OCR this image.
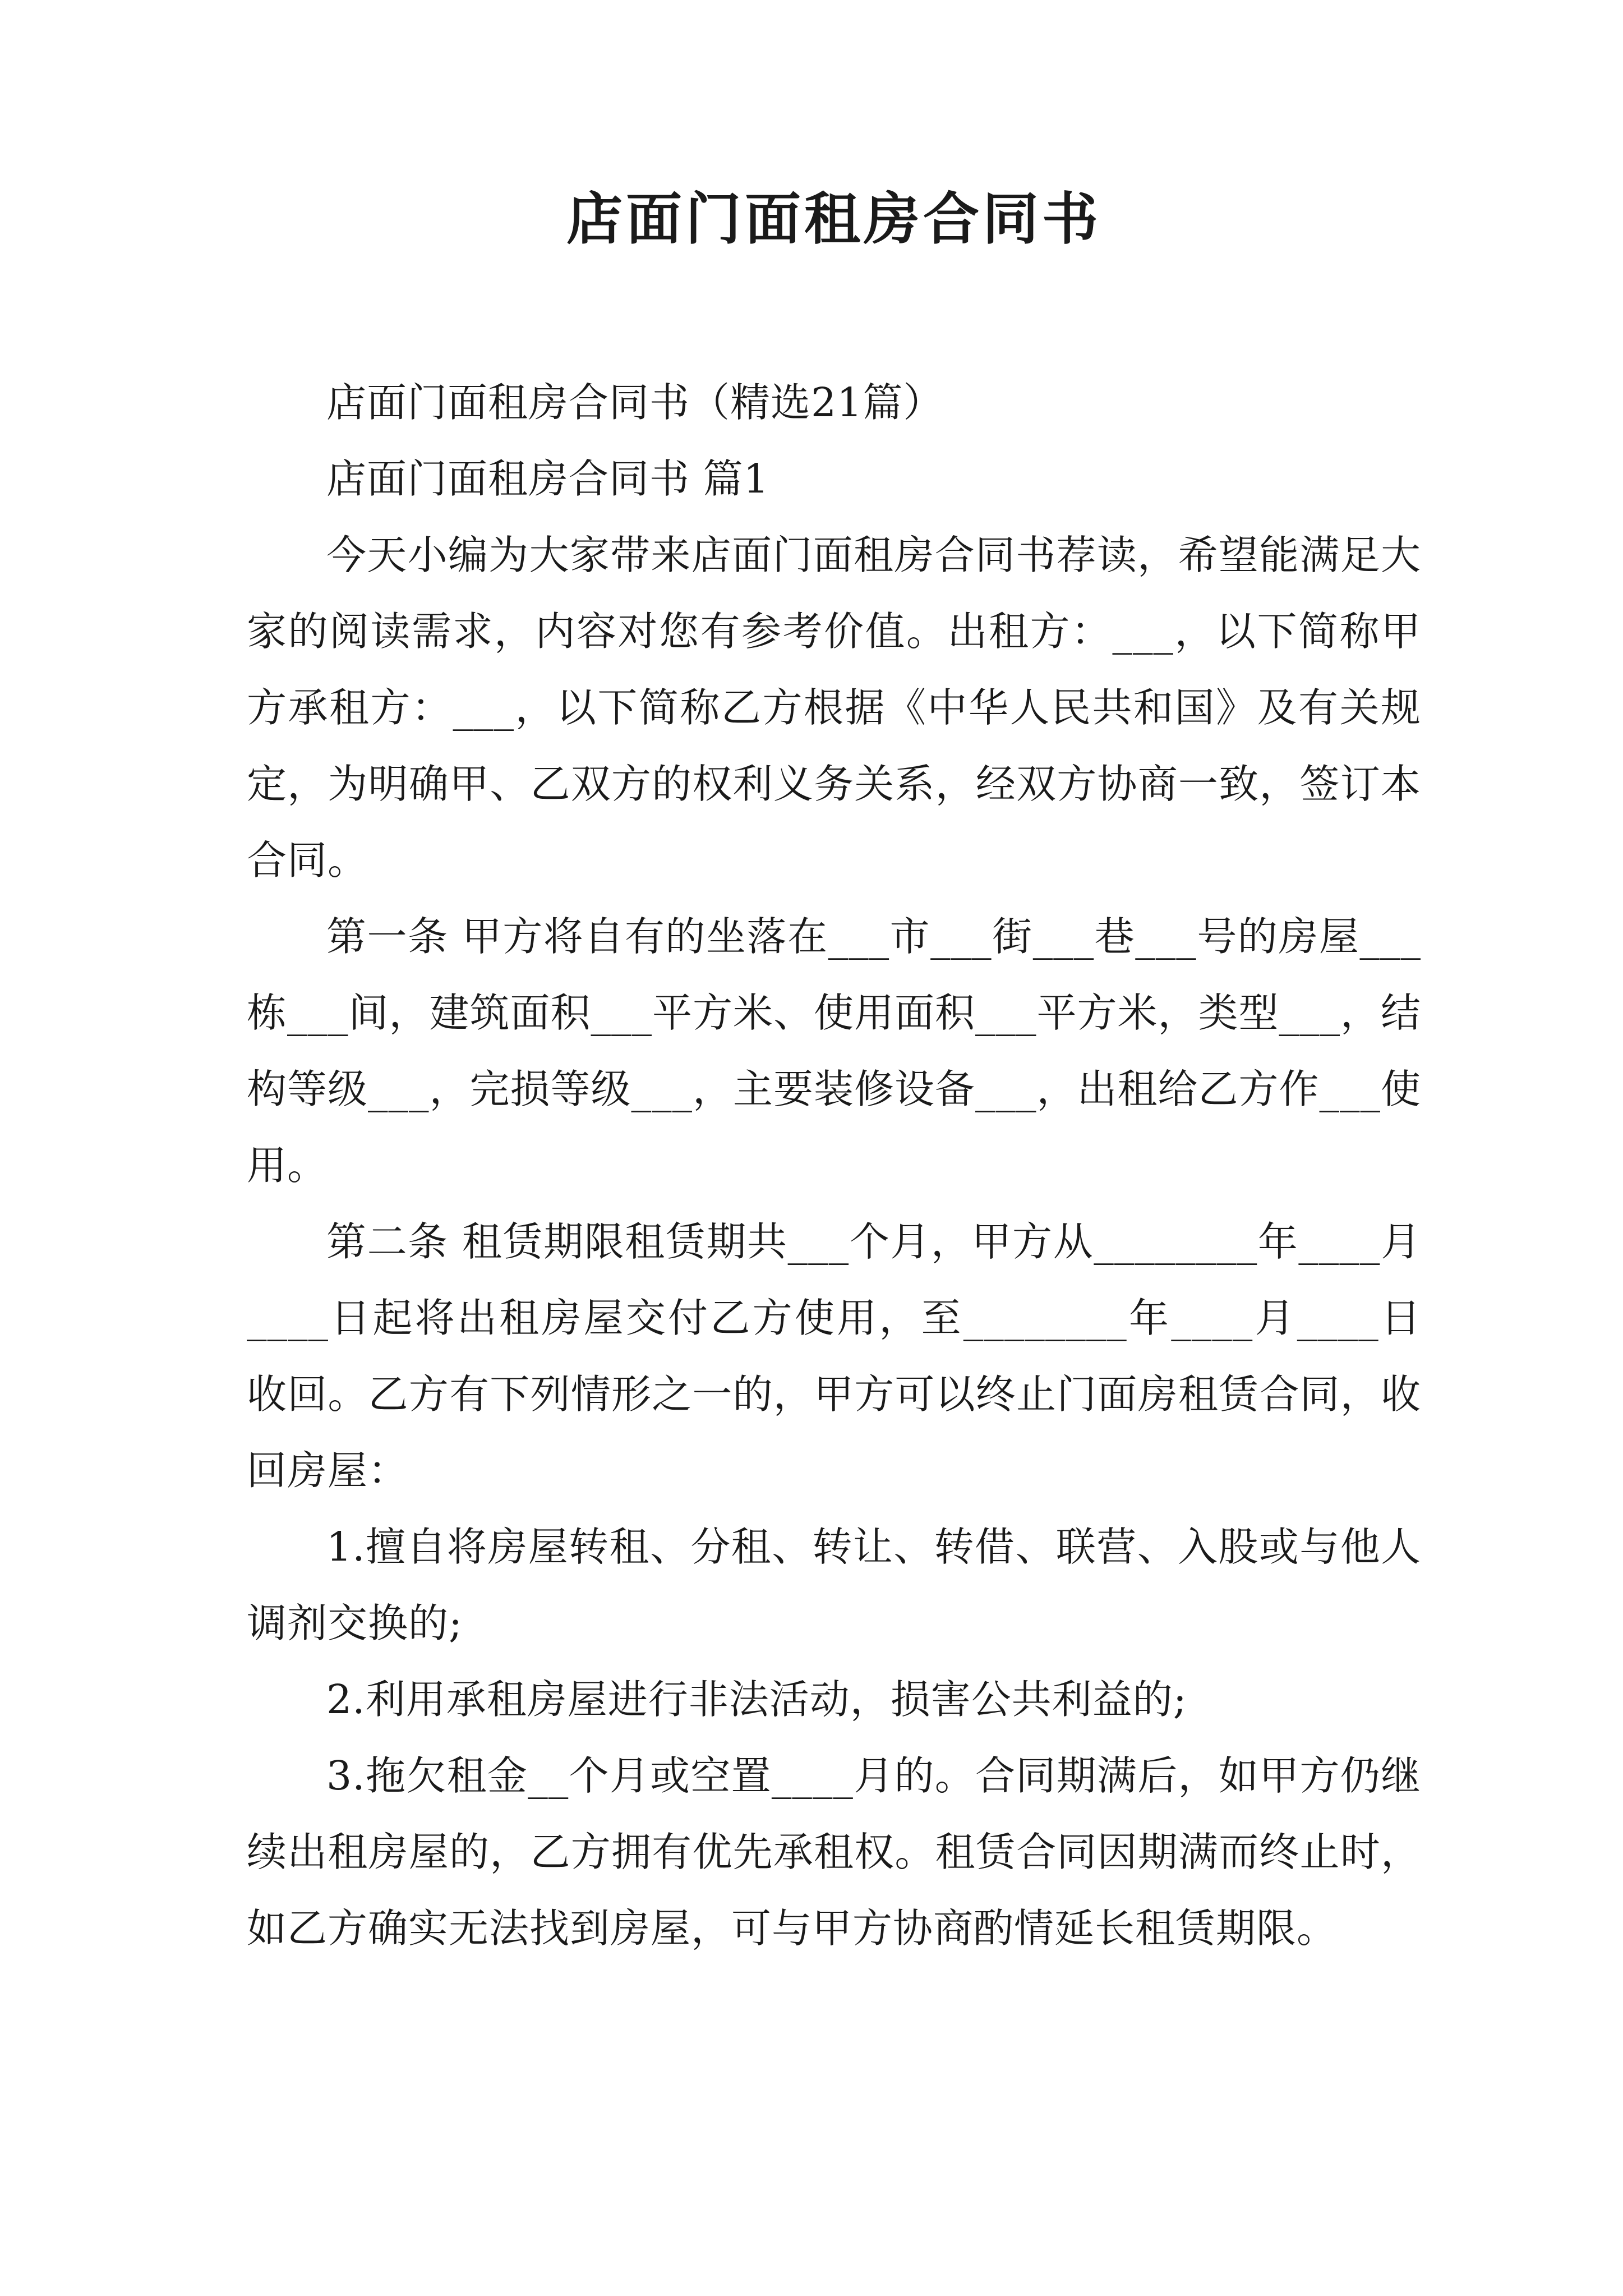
店面门面租房合同书

店面门面租房合同书（精选21篇）

店面门面租房合同书 篇1

今天小编为大家带来店面门面租房合同书荐读，希望能满足大家的阅读需求，内容对您有参考价值。出租方：___，以下简称甲方承租方：___，以下简称乙方根据《中华人民共和国》及有关规定，为明确甲、乙双方的权利义务关系，经双方协商一致，签订本合同。

第一条 甲方将自有的坐落在___市___街___巷___号的房屋___栋___间，建筑面积___平方米、使用面积___平方米，类型___，结构等级___，完损等级___，主要装修设备___，出租给乙方作___使用。

第二条 租赁期限租赁期共___个月，甲方从________年____月____日起将出租房屋交付乙方使用，至________年____月____日收回。乙方有下列情形之一的，甲方可以终止门面房租赁合同，收回房屋：

1.擅自将房屋转租、分租、转让、转借、联营、入股或与他人调剂交换的;

2.利用承租房屋进行非法活动，损害公共利益的;

3.拖欠租金__个月或空置____月的。合同期满后，如甲方仍继续出租房屋的，乙方拥有优先承租权。租赁合同因期满而终止时，如乙方确实无法找到房屋，可与甲方协商酌情延长租赁期限。
